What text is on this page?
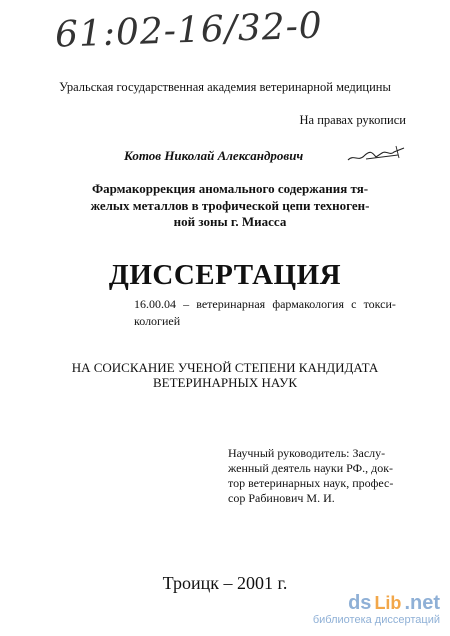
61:02-16/32-0
Уральская государственная академия ветеринарной медицины
На правах рукописи
Котов Николай Александрович
Фармакоррекция аномального содержания тя-
желых металлов в трофической цепи техноген-
ной зоны г. Миасса
16.00.04 – ветеринарная фармакология с токси-
кологией
ДИССЕРТАЦИЯ
НА СОИСКАНИЕ УЧЕНОЙ СТЕПЕНИ КАНДИДАТА
ВЕТЕРИНАРНЫХ НАУК
Научный руководитель: Заслу-
женный деятель науки РФ., док-
тор ветеринарных наук, профес-
сор Рабинович М. И.
Троицк – 2001 г.
ds Lib .net
библиотека диссертаций
